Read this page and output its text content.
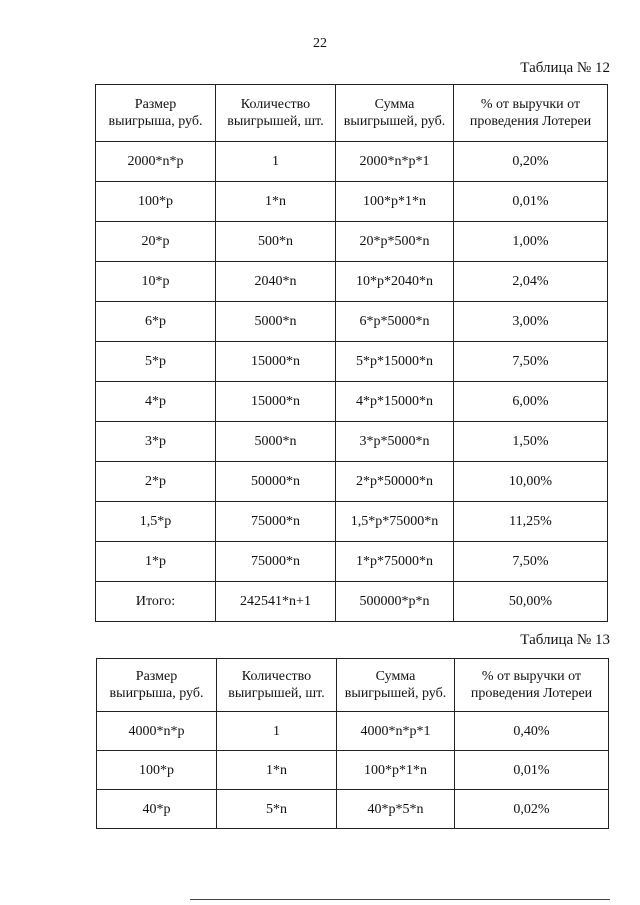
22
Таблица № 12
Размер выигрыша, руб.	Количество выигрышей, шт.	Сумма выигрышей, руб.	% от выручки от проведения Лотереи
2000*n*p	1	2000*n*p*1	0,20%
100*p	1*n	100*p*1*n	0,01%
20*p	500*n	20*p*500*n	1,00%
10*p	2040*n	10*p*2040*n	2,04%
6*p	5000*n	6*p*5000*n	3,00%
5*p	15000*n	5*p*15000*n	7,50%
4*p	15000*n	4*p*15000*n	6,00%
3*p	5000*n	3*p*5000*n	1,50%
2*p	50000*n	2*p*50000*n	10,00%
1,5*p	75000*n	1,5*p*75000*n	11,25%
1*p	75000*n	1*p*75000*n	7,50%
Итого:	242541*n+1	500000*p*n	50,00%
Таблица № 13
Размер выигрыша, руб.	Количество выигрышей, шт.	Сумма выигрышей, руб.	% от выручки от проведения Лотереи
4000*n*p	1	4000*n*p*1	0,40%
100*p	1*n	100*p*1*n	0,01%
40*p	5*n	40*p*5*n	0,02%
